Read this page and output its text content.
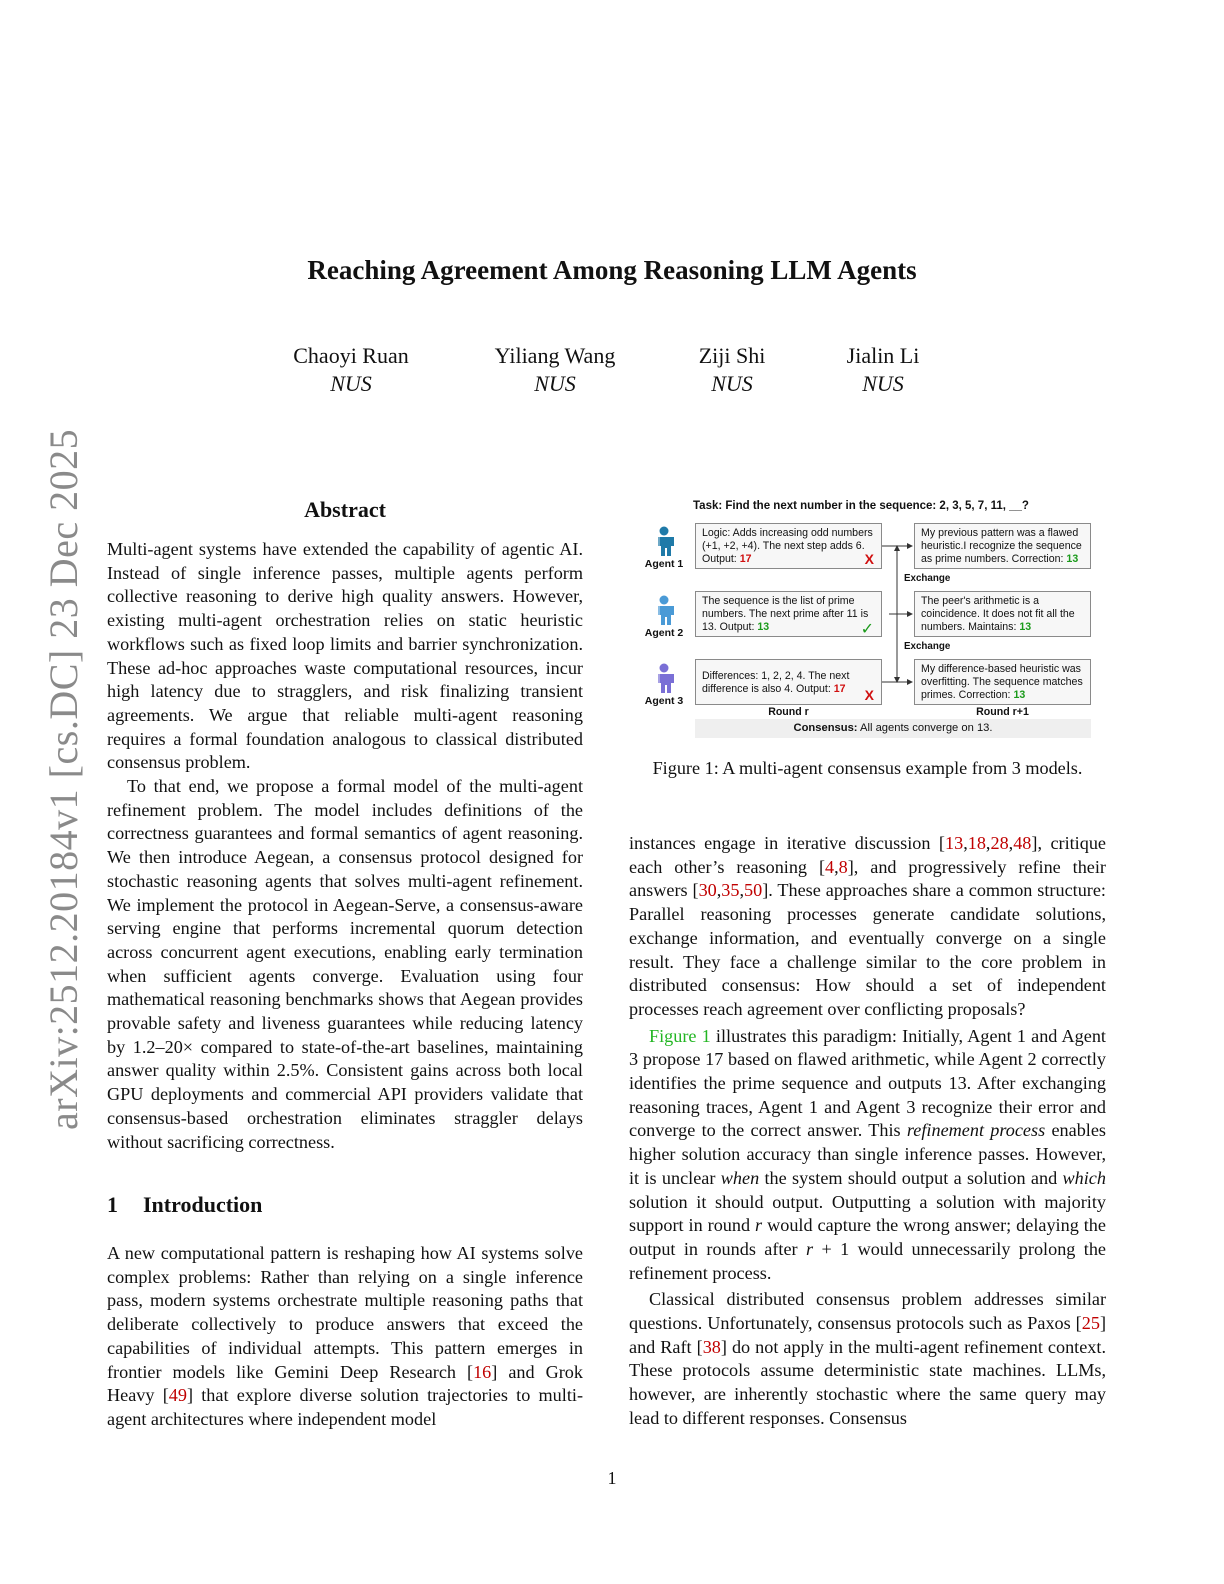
arXiv:2512.20184v1 [cs.DC] 23 Dec 2025
Reaching Agreement Among Reasoning LLM Agents
Chaoyi Ruan
NUS
Yiliang Wang
NUS
Ziji Shi
NUS
Jialin Li
NUS
Abstract

Multi-agent systems have extended the capability of agentic AI. Instead of single inference passes, multiple agents perform collective reasoning to derive high quality answers. However, existing multi-agent orchestration relies on static heuristic workflows such as fixed loop limits and barrier synchronization. These ad-hoc approaches waste computational resources, incur high latency due to stragglers, and risk finalizing transient agreements. We argue that reliable multi-agent reasoning requires a formal foundation analogous to classical distributed consensus problem.

To that end, we propose a formal model of the multi-agent refinement problem. The model includes definitions of the correctness guarantees and formal semantics of agent reasoning. We then introduce Aegean, a consensus protocol designed for stochastic reasoning agents that solves multi-agent refinement. We implement the protocol in Aegean-Serve, a consensus-aware serving engine that performs incremental quorum detection across concurrent agent executions, enabling early termination when sufficient agents converge. Evaluation using four mathematical reasoning benchmarks shows that Aegean provides provable safety and liveness guarantees while reducing latency by 1.2–20× compared to state-of-the-art baselines, maintaining answer quality within 2.5%. Consistent gains across both local GPU deployments and commercial API providers validate that consensus-based orchestration eliminates straggler delays without sacrificing correctness.

1 Introduction

A new computational pattern is reshaping how AI systems solve complex problems: Rather than relying on a single inference pass, modern systems orchestrate multiple reasoning paths that deliberate collectively to produce answers that exceed the capabilities of individual attempts. This pattern emerges in frontier models like Gemini Deep Research [16] and Grok Heavy [49] that explore diverse solution trajectories to multi-agent architectures where independent model

Task: Find the next number in the sequence: 2, 3, 5, 7, 11, __?
Agent 1
Agent 2
Agent 3
Logic: Adds increasing odd numbers (+1, +2, +4). The next step adds 6. Output: 17	X
The sequence is the list of prime numbers. The next prime after 11 is 13. Output: 13	✓
Differences: 1, 2, 2, 4. The next difference is also 4. Output: 17 X
My previous pattern was a flawed heuristic.I recognize the sequence as prime numbers. Correction: 13
The peer's arithmetic is a coincidence. It does not fit all the numbers. Maintains: 13
My difference-based heuristic was overfitting. The sequence matches primes. Correction: 13
Exchange
Exchange
Round r	Round r+1
Consensus: All agents converge on 13.
Figure 1: A multi-agent consensus example from 3 models.

instances engage in iterative discussion [13,18,28,48], critique each other’s reasoning [4,8], and progressively refine their answers [30,35,50]. These approaches share a common structure: Parallel reasoning processes generate candidate solutions, exchange information, and eventually converge on a single result. They face a challenge similar to the core problem in distributed consensus: How should a set of independent processes reach agreement over conflicting proposals?

Figure 1 illustrates this paradigm: Initially, Agent 1 and Agent 3 propose 17 based on flawed arithmetic, while Agent 2 correctly identifies the prime sequence and outputs 13. After exchanging reasoning traces, Agent 1 and Agent 3 recognize their error and converge to the correct answer. This refinement process enables higher solution accuracy than single inference passes. However, it is unclear when the system should output a solution and which solution it should output. Outputting a solution with majority support in round r would capture the wrong answer; delaying the output in rounds after r + 1 would unnecessarily prolong the refinement process.

Classical distributed consensus problem addresses similar questions. Unfortunately, consensus protocols such as Paxos [25] and Raft [38] do not apply in the multi-agent refinement context. These protocols assume deterministic state machines. LLMs, however, are inherently stochastic where the same query may lead to different responses. Consensus

1
